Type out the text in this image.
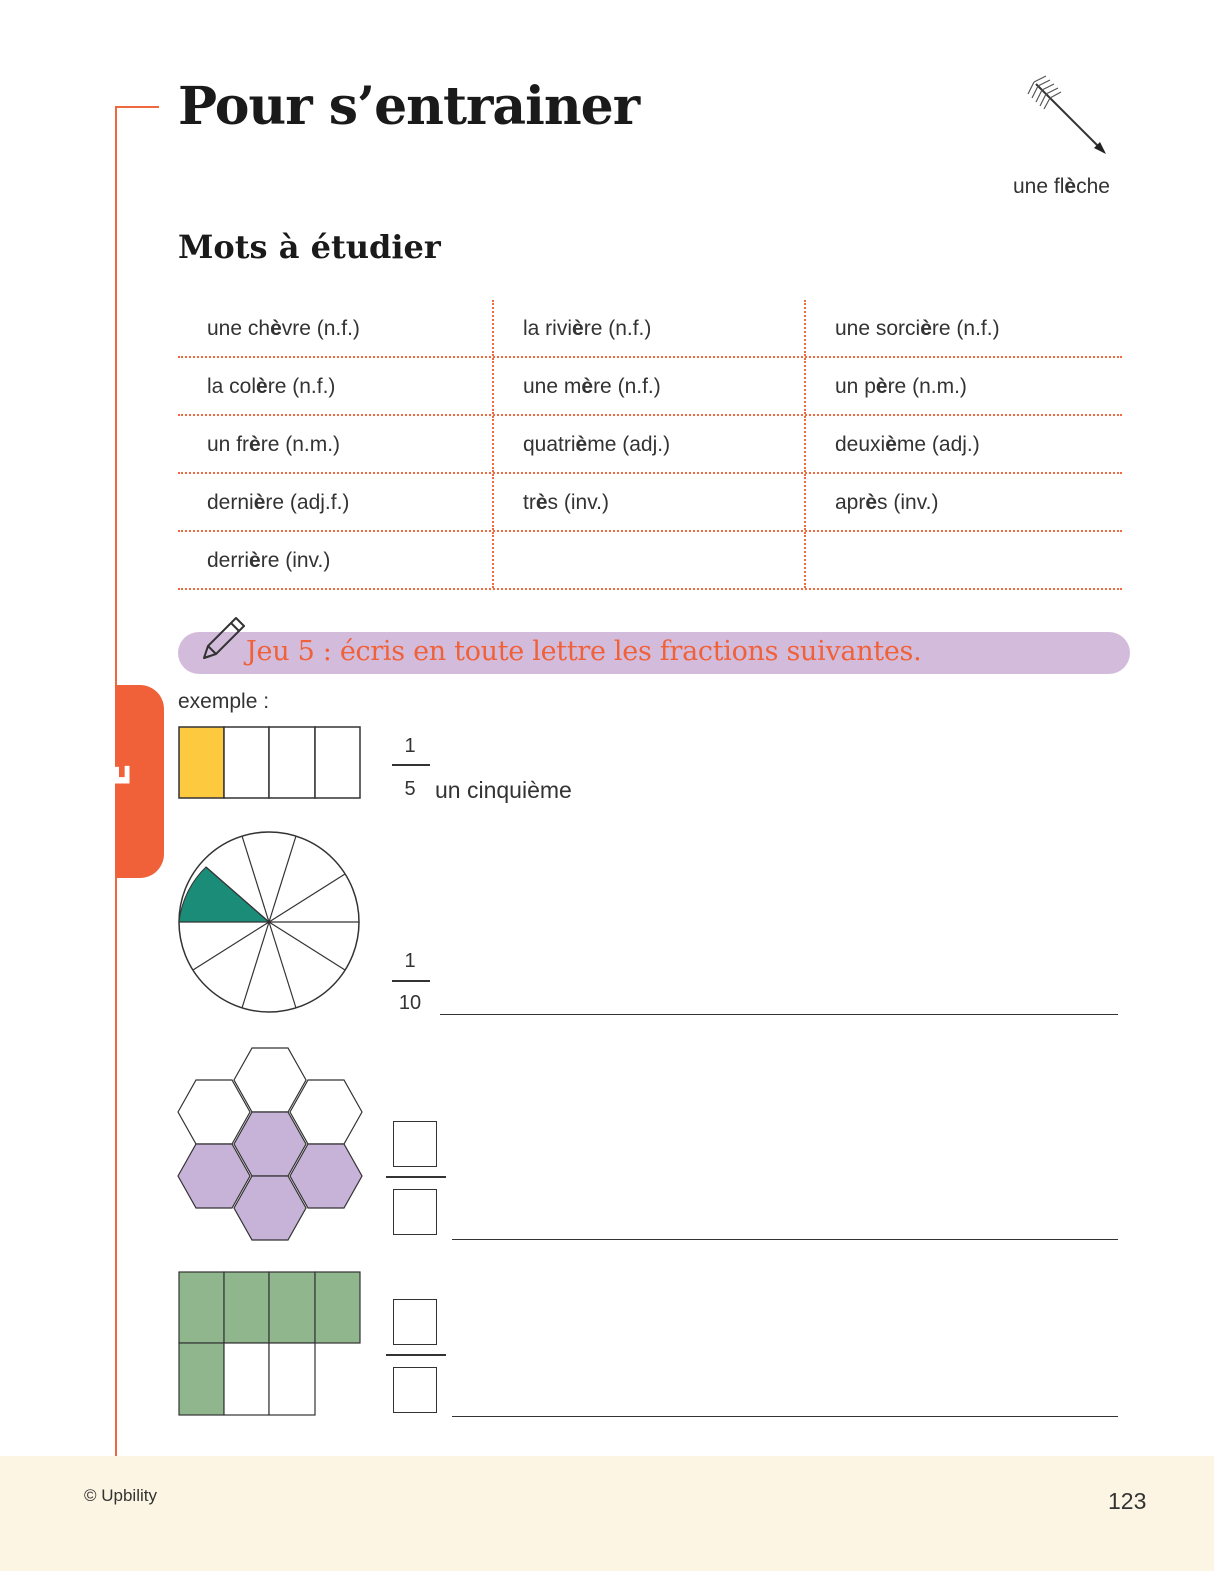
E
Pour s’entrainer
une flèche
Mots à étudier
une ch è vre (n.f.)	la rivi è re (n.f.)	une sorci è re (n.f.)
la col è re (n.f.)	une m è re (n.f.)	un p è re (n.m.)
un fr è re (n.m.)	quatri è me (adj.)	deuxi è me (adj.)
derni è re (adj.f.)	tr è s (inv.)	apr è s (inv.)
derri è re (inv.)
Jeu 5 : écris en toute lettre les fractions suivantes.
exemple :
1
5 un cinquième
1
10
© Upbility	123
